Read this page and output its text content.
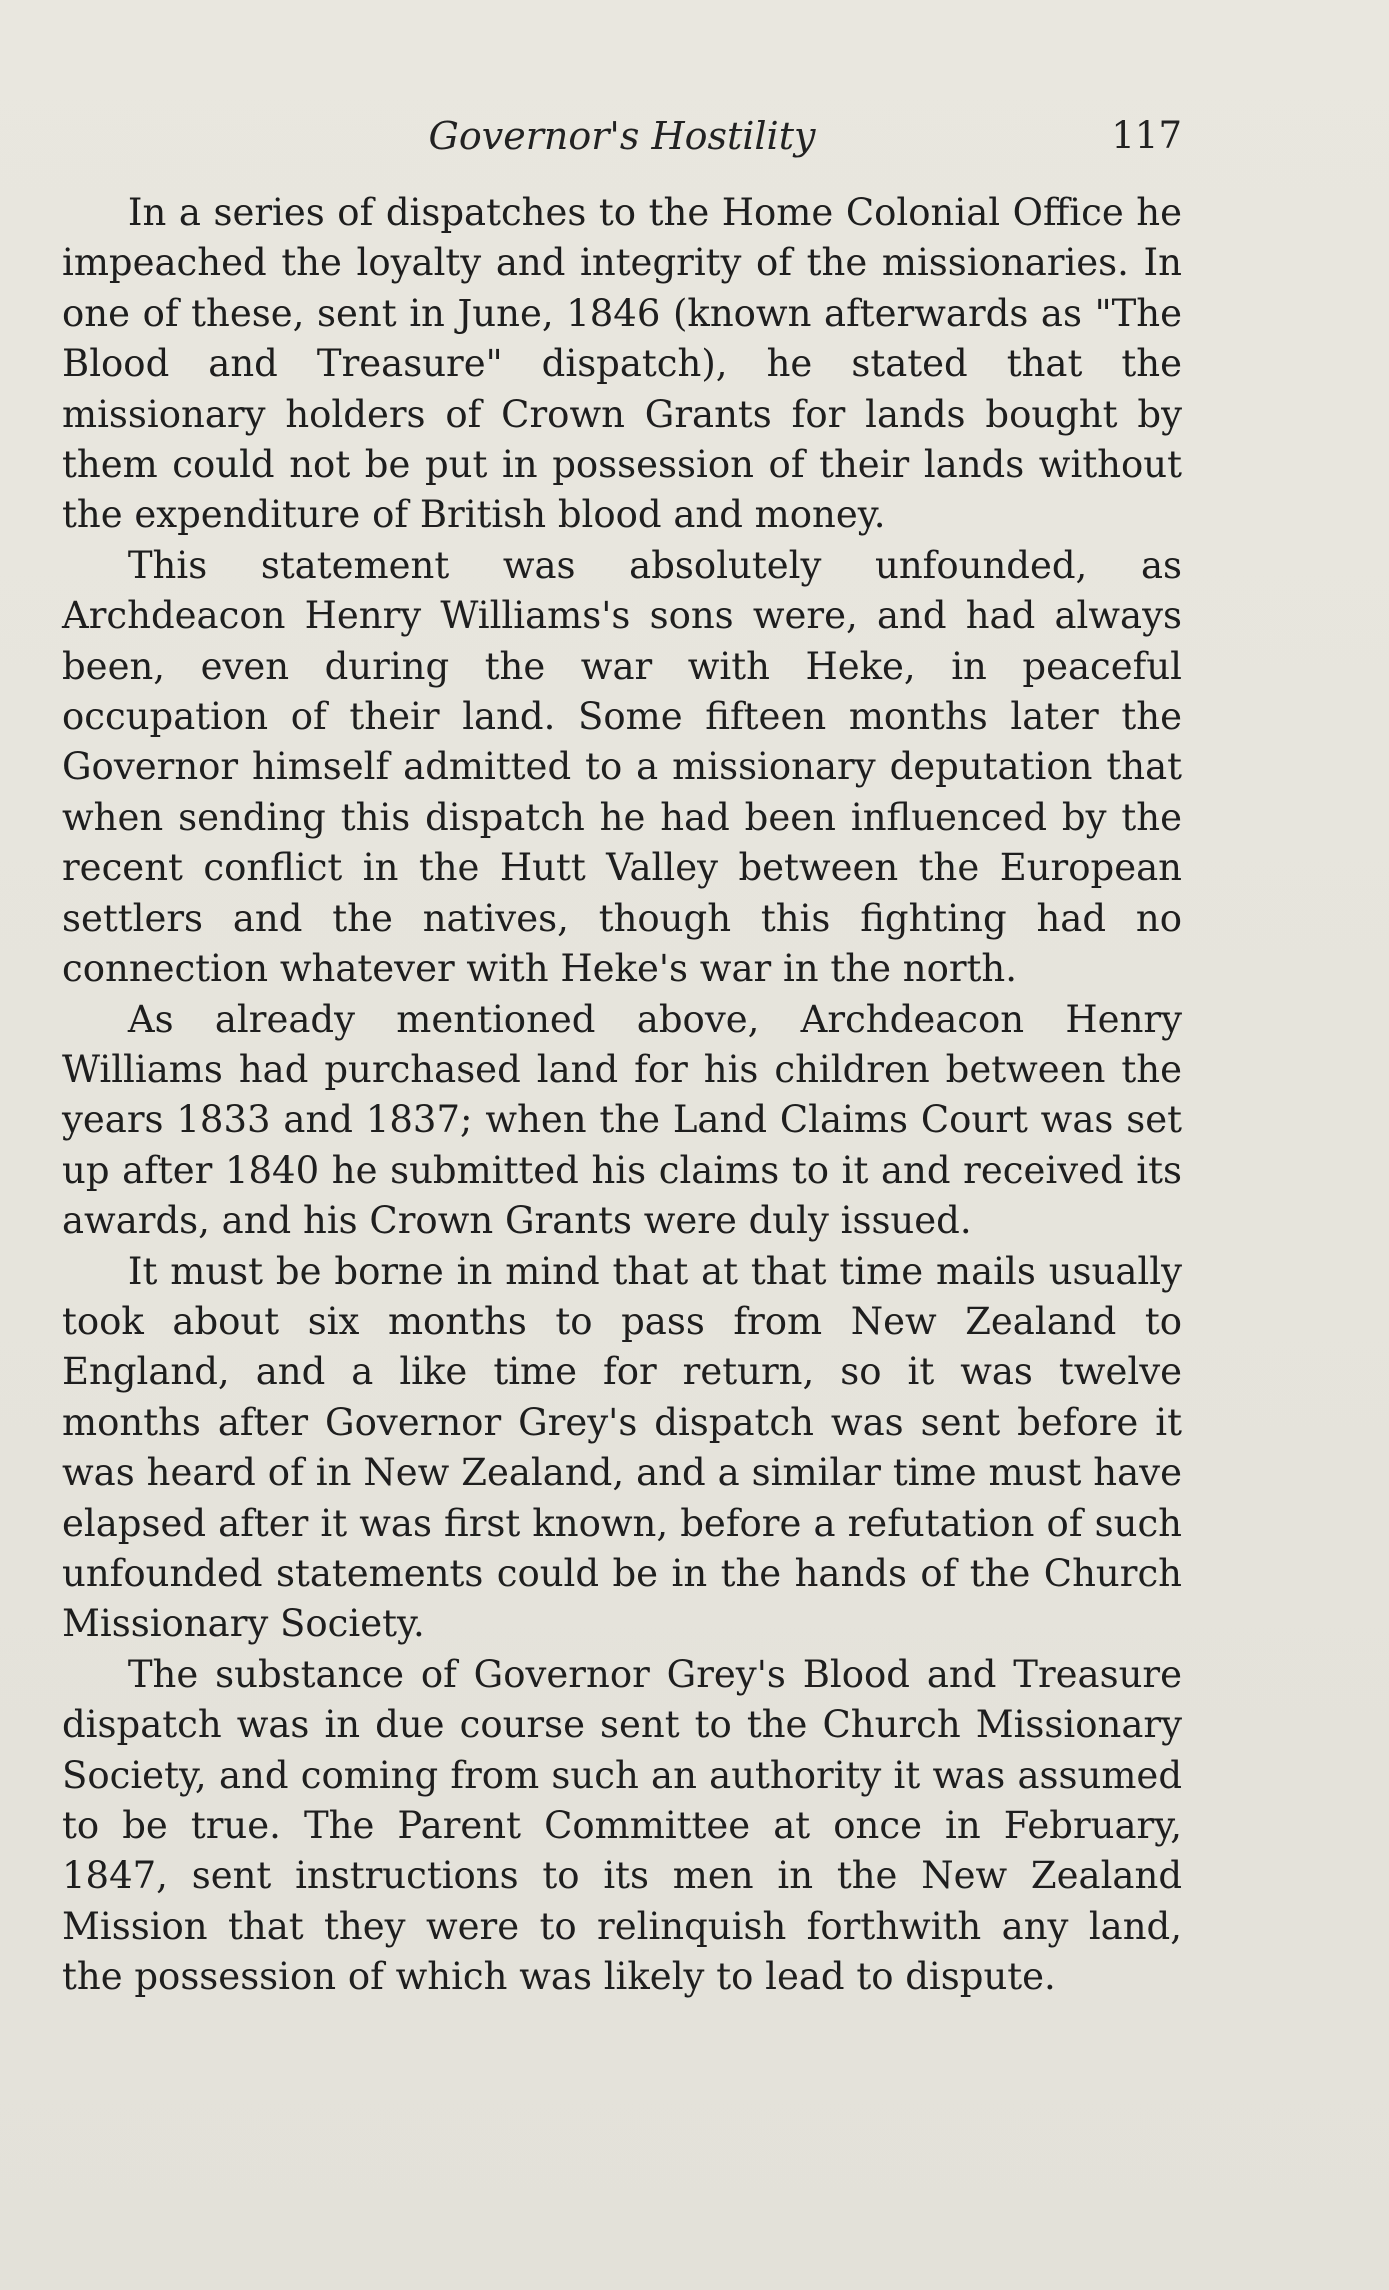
Governor's Hostility	117

In a series of dispatches to the Home Colonial Office he impeached the loyalty and integrity of the missionaries. In one of these, sent in June, 1846 (known afterwards as "The Blood and Treasure" dispatch), he stated that the missionary holders of Crown Grants for lands bought by them could not be put in possession of their lands without the expenditure of British blood and money.

This statement was absolutely unfounded, as Archdeacon Henry Williams's sons were, and had always been, even during the war with Heke, in peaceful occupation of their land. Some fifteen months later the Governor himself admitted to a missionary deputation that when sending this dispatch he had been influenced by the recent conflict in the Hutt Valley between the European settlers and the natives, though this fighting had no connection whatever with Heke's war in the north.

As already mentioned above, Archdeacon Henry Williams had purchased land for his children between the years 1833 and 1837; when the Land Claims Court was set up after 1840 he submitted his claims to it and received its awards, and his Crown Grants were duly issued.

It must be borne in mind that at that time mails usually took about six months to pass from New Zealand to England, and a like time for return, so it was twelve months after Governor Grey's dispatch was sent before it was heard of in New Zealand, and a similar time must have elapsed after it was first known, before a refutation of such unfounded statements could be in the hands of the Church Missionary Society.

The substance of Governor Grey's Blood and Treasure dispatch was in due course sent to the Church Missionary Society, and coming from such an authority it was assumed to be true. The Parent Committee at once in February, 1847, sent instructions to its men in the New Zealand Mission that they were to relinquish forthwith any land, the possession of which was likely to lead to dispute.
